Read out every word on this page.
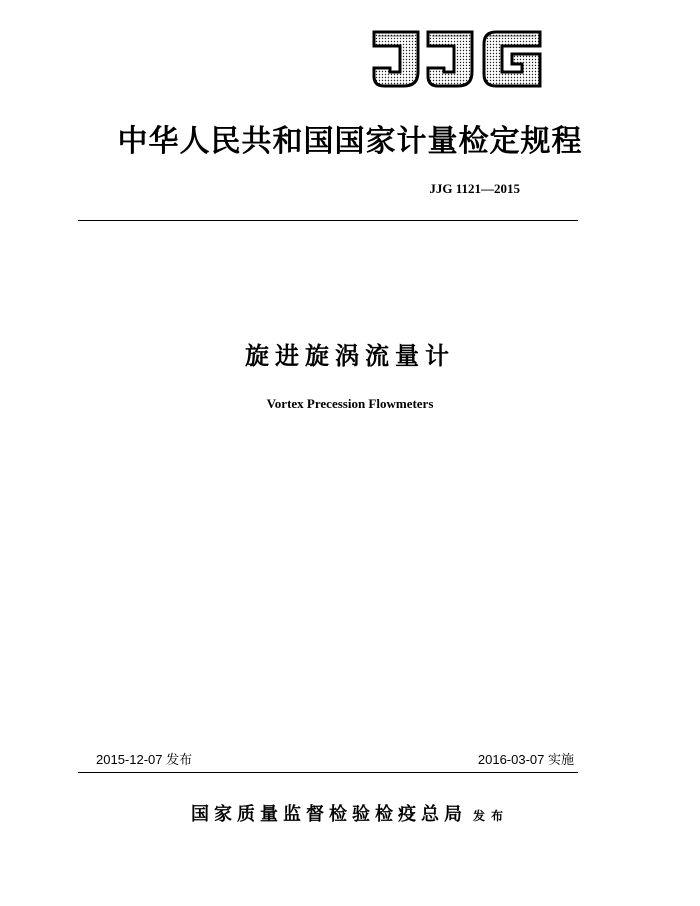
中华人民共和国国家计量检定规程
JJG 1121—2015
旋进旋涡流量计
Vortex Precession Flowmeters
2015-12-07 发布	2016-03-07 实施
国家质量监督检验检疫总局 发布
